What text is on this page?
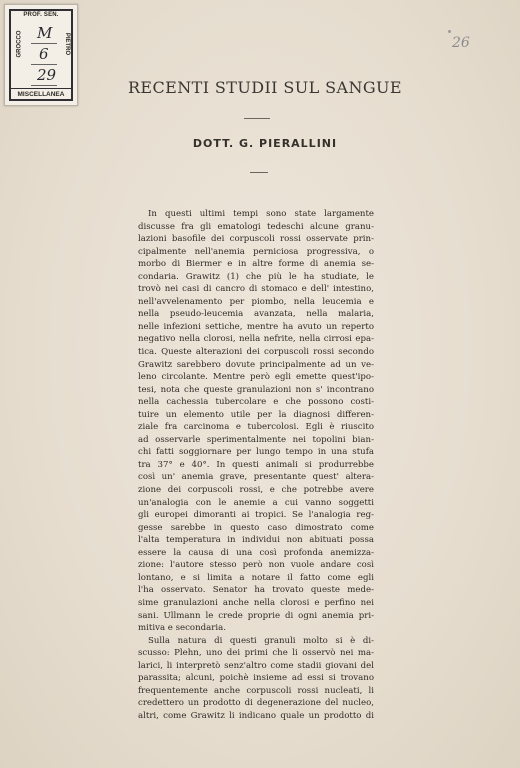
PROF. SEN.
GROCCO	PIETRO
M
6
29
MISCELLANEA
26
RECENTI STUDII SUL SANGUE
DOTT. G. PIERALLINI
In questi ultimi tempi sono state largamente
discusse fra gli ematologi tedeschi alcune granu-
lazioni basofile dei corpuscoli rossi osservate prin-
cipalmente nell'anemia perniciosa progressiva, o
morbo di Biermer e in altre forme di anemia se-
condaria. Grawitz (1) che più le ha studiate, le
trovò nei casi di cancro di stomaco e dell' intestino,
nell'avvelenamento per piombo, nella leucemia e
nella pseudo-leucemia avanzata, nella malaria,
nelle infezioni settiche, mentre ha avuto un reperto
negativo nella clorosi, nella nefrite, nella cirrosi epa-
tica. Queste alterazioni dei corpuscoli rossi secondo
Grawitz sarebbero dovute principalmente ad un ve-
leno circolante. Mentre però egli emette quest'ipo-
tesi, nota che queste granulazioni non s' incontrano
nella cachessia tubercolare e che possono costi-
tuire un elemento utile per la diagnosi differen-
ziale fra carcinoma e tubercolosi. Egli è riuscito
ad osservarle sperimentalmente nei topolini bian-
chi fatti soggiornare per lungo tempo in una stufa
tra 37° e 40°. In questi animali si produrrebbe
così un' anemia grave, presentante quest' altera-
zione dei corpuscoli rossi, e che potrebbe avere
un'analogia con le anemie a cui vanno soggetti
gli europei dimoranti ai tropici. Se l'analogia reg-
gesse sarebbe in questo caso dimostrato come
l'alta temperatura in individui non abituati possa
essere la causa di una così profonda anemizza-
zione: l'autore stesso però non vuole andare così
lontano, e si limita a notare il fatto come egli
l'ha osservato. Senator ha trovato queste mede-
sime granulazioni anche nella clorosi e perfino nei
sani. Ullmann le crede proprie di ogni anemia pri-
mitiva e secondaria.
Sulla natura di questi granuli molto si è di-
scusso: Plehn, uno dei primi che li osservò nei ma-
larici, li interpretò senz'altro come stadii giovani del
parassita; alcuni, poichè insieme ad essi si trovano
frequentemente anche corpuscoli rossi nucleati, li
credettero un prodotto di degenerazione del nucleo,
altri, come Grawitz li indicano quale un prodotto di
